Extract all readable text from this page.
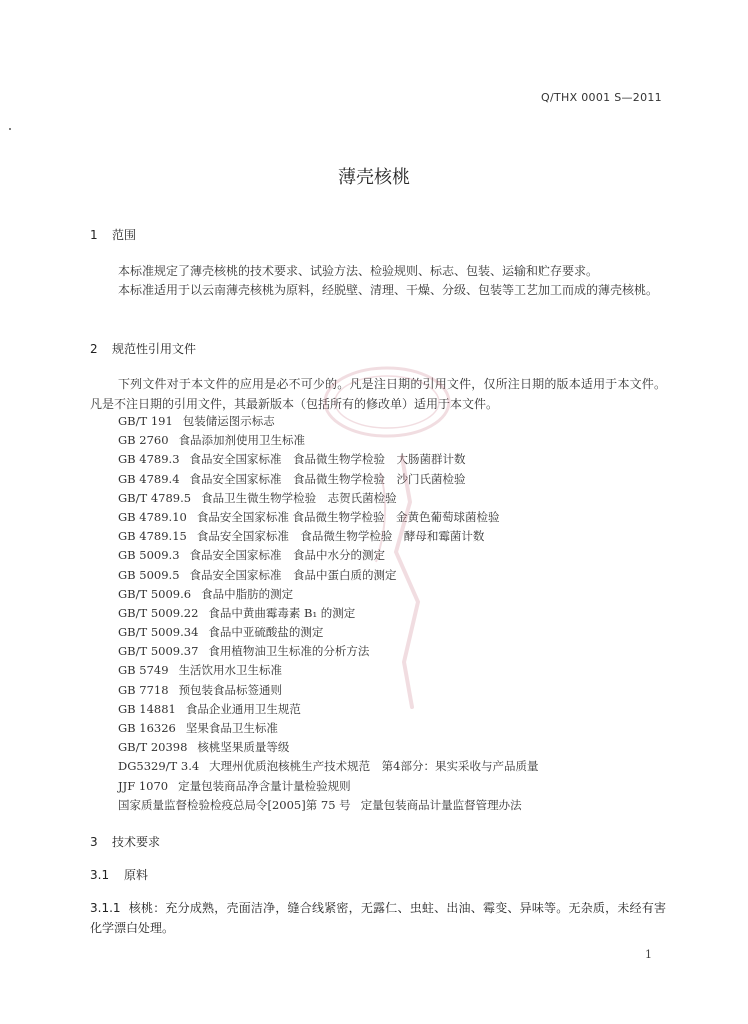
Q/THX 0001 S—2011
薄壳核桃
1 范围
本标准规定了薄壳核桃的技术要求、试验方法、检验规则、标志、包装、运输和贮存要求。
本标准适用于以云南薄壳核桃为原料，经脱壁、清理、干燥、分级、包装等工艺加工而成的薄壳核桃。
2 规范性引用文件
下列文件对于本文件的应用是必不可少的。凡是注日期的引用文件，仅所注日期的版本适用于本文件。凡是不注日期的引用文件，其最新版本（包括所有的修改单）适用于本文件。
GB/T 191 包装储运图示标志
GB 2760 食品添加剂使用卫生标准
GB 4789.3 食品安全国家标准　食品微生物学检验　大肠菌群计数
GB 4789.4 食品安全国家标准　食品微生物学检验　沙门氏菌检验
GB/T 4789.5 食品卫生微生物学检验　志贺氏菌检验
GB 4789.10 食品安全国家标准 食品微生物学检验　金黄色葡萄球菌检验
GB 4789.15 食品安全国家标准　食品微生物学检验　酵母和霉菌计数
GB 5009.3 食品安全国家标准　食品中水分的测定
GB 5009.5 食品安全国家标准　食品中蛋白质的测定
GB/T 5009.6 食品中脂肪的测定
GB/T 5009.22 食品中黄曲霉毒素 B₁ 的测定
GB/T 5009.34 食品中亚硫酸盐的测定
GB/T 5009.37 食用植物油卫生标准的分析方法
GB 5749 生活饮用水卫生标准
GB 7718 预包装食品标签通则
GB 14881 食品企业通用卫生规范
GB 16326 坚果食品卫生标准
GB/T 20398 核桃坚果质量等级
DG5329/T 3.4 大理州优质泡核桃生产技术规范　第4部分：果实采收与产品质量
JJF 1070 定量包装商品净含量计量检验规则
国家质量监督检验检疫总局令[2005]第 75 号 定量包装商品计量监督管理办法
3 技术要求
3.1 原料
3.1.1 核桃：充分成熟，壳面洁净，缝合线紧密，无露仁、虫蛀、出油、霉变、异味等。无杂质，未经有害化学漂白处理。
1
